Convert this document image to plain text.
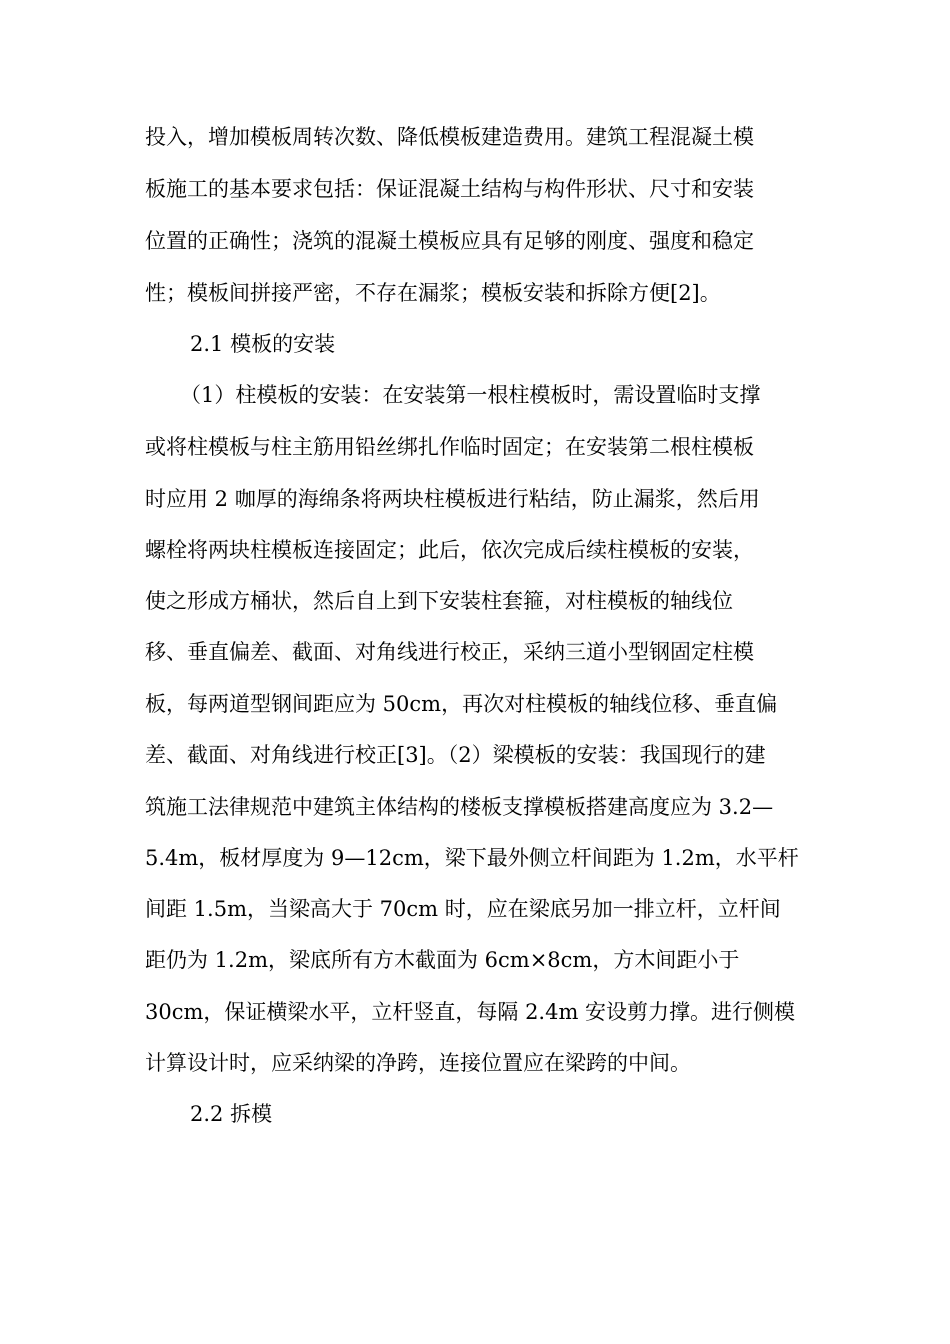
投入，增加模板周转次数、降低模板建造费用。建筑工程混凝土模
板施工的基本要求包括：保证混凝土结构与构件形状、尺寸和安装
位置的正确性；浇筑的混凝土模板应具有足够的刚度、强度和稳定
性；模板间拼接严密，不存在漏浆；模板安装和拆除方便[2]。
2.1 模板的安装
（1）柱模板的安装：在安装第一根柱模板时，需设置临时支撑
或将柱模板与柱主筋用铅丝绑扎作临时固定；在安装第二根柱模板
时应用 2 咖厚的海绵条将两块柱模板进行粘结，防止漏浆，然后用
螺栓将两块柱模板连接固定；此后，依次完成后续柱模板的安装，
使之形成方桶状，然后自上到下安装柱套箍，对柱模板的轴线位
移、垂直偏差、截面、对角线进行校正，采纳三道小型钢固定柱模
板，每两道型钢间距应为 50cm，再次对柱模板的轴线位移、垂直偏
差、截面、对角线进行校正[3]。（2）梁模板的安装：我国现行的建
筑施工法律规范中建筑主体结构的楼板支撑模板搭建高度应为 3.2—
5.4m，板材厚度为 9—12cm，梁下最外侧立杆间距为 1.2m，水平杆
间距 1.5m，当梁高大于 70cm 时，应在梁底另加一排立杆，立杆间
距仍为 1.2m，梁底所有方木截面为 6cm×8cm，方木间距小于
30cm，保证横梁水平，立杆竖直，每隔 2.4m 安设剪力撑。进行侧模
计算设计时，应采纳梁的净跨，连接位置应在梁跨的中间。
2.2 拆模
